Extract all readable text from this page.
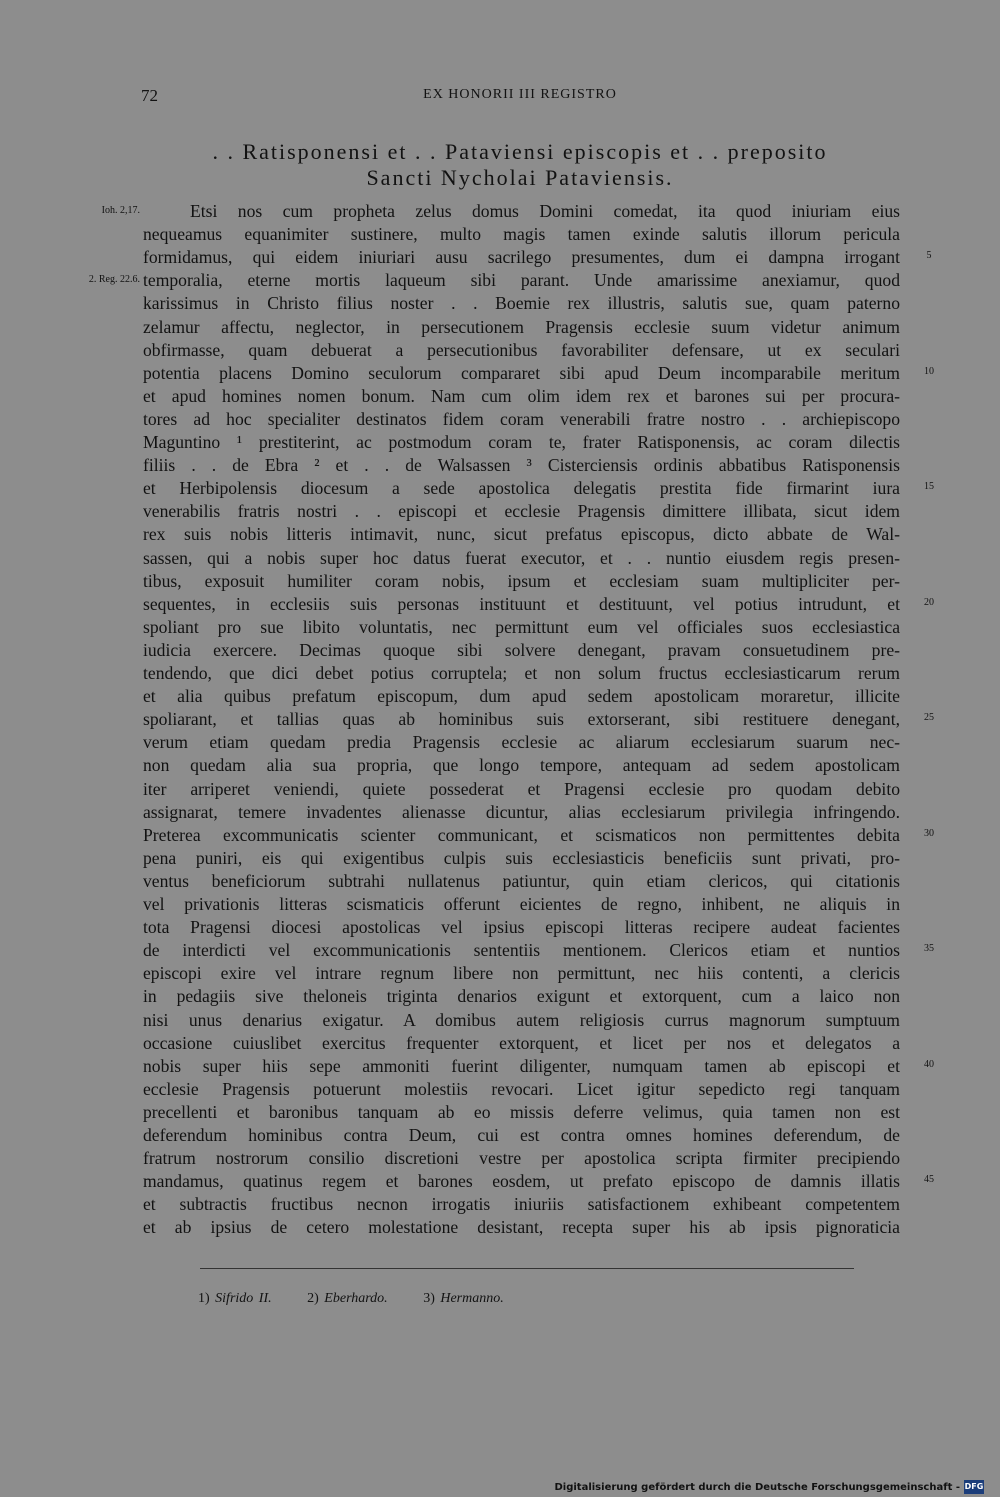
72	EX HONORII III REGISTRO
. . Ratisponensi et . . Pataviensi episcopis et . . preposito
Sancti Nycholai Pataviensis.
Ioh. 2,17.
2. Reg. 22.6.
Etsi nos cum propheta zelus domus Domini comedat, ita quod iniuriam eius
nequeamus equanimiter sustinere, multo magis tamen exinde salutis illorum pericula
formidamus, qui eidem iniuriari ausu sacrilego presumentes, dum ei dampna irrogant
temporalia, eterne mortis laqueum sibi parant. Unde amarissime anexiamur, quod
karissimus in Christo filius noster . . Boemie rex illustris, salutis sue, quam paterno
zelamur affectu, neglector, in persecutionem Pragensis ecclesie suum videtur animum
obfirmasse, quam debuerat a persecutionibus favorabiliter defensare, ut ex seculari
potentia placens Domino seculorum compararet sibi apud Deum incomparabile meritum
et apud homines nomen bonum. Nam cum olim idem rex et barones sui per procura-
tores ad hoc specialiter destinatos fidem coram venerabili fratre nostro . . archiepiscopo
Maguntino ¹ prestiterint, ac postmodum coram te, frater Ratisponensis, ac coram dilectis
filiis . . de Ebra ² et . . de Walsassen ³ Cisterciensis ordinis abbatibus Ratisponensis
et Herbipolensis diocesum a sede apostolica delegatis prestita fide firmarint iura
venerabilis fratris nostri . . episcopi et ecclesie Pragensis dimittere illibata, sicut idem
rex suis nobis litteris intimavit, nunc, sicut prefatus episcopus, dicto abbate de Wal-
sassen, qui a nobis super hoc datus fuerat executor, et . . nuntio eiusdem regis presen-
tibus, exposuit humiliter coram nobis, ipsum et ecclesiam suam multipliciter per-
sequentes, in ecclesiis suis personas instituunt et destituunt, vel potius intrudunt, et
spoliant pro sue libito voluntatis, nec permittunt eum vel officiales suos ecclesiastica
iudicia exercere. Decimas quoque sibi solvere denegant, pravam consuetudinem pre-
tendendo, que dici debet potius corruptela; et non solum fructus ecclesiasticarum rerum
et alia quibus prefatum episcopum, dum apud sedem apostolicam moraretur, illicite
spoliarant, et tallias quas ab hominibus suis extorserant, sibi restituere denegant,
verum etiam quedam predia Pragensis ecclesie ac aliarum ecclesiarum suarum nec-
non quedam alia sua propria, que longo tempore, antequam ad sedem apostolicam
iter arriperet veniendi, quiete possederat et Pragensi ecclesie pro quodam debito
assignarat, temere invadentes alienasse dicuntur, alias ecclesiarum privilegia infringendo.
Preterea excommunicatis scienter communicant, et scismaticos non permittentes debita
pena puniri, eis qui exigentibus culpis suis ecclesiasticis beneficiis sunt privati, pro-
ventus beneficiorum subtrahi nullatenus patiuntur, quin etiam clericos, qui citationis
vel privationis litteras scismaticis offerunt eicientes de regno, inhibent, ne aliquis in
tota Pragensi diocesi apostolicas vel ipsius episcopi litteras recipere audeat facientes
de interdicti vel excommunicationis sententiis mentionem. Clericos etiam et nuntios
episcopi exire vel intrare regnum libere non permittunt, nec hiis contenti, a clericis
in pedagiis sive theloneis triginta denarios exigunt et extorquent, cum a laico non
nisi unus denarius exigatur. A domibus autem religiosis currus magnorum sumptuum
occasione cuiuslibet exercitus frequenter extorquent, et licet per nos et delegatos a
nobis super hiis sepe ammoniti fuerint diligenter, numquam tamen ab episcopi et
ecclesie Pragensis potuerunt molestiis revocari. Licet igitur sepedicto regi tanquam
precellenti et baronibus tanquam ab eo missis deferre velimus, quia tamen non est
deferendum hominibus contra Deum, cui est contra omnes homines deferendum, de
fratrum nostrorum consilio discretioni vestre per apostolica scripta firmiter precipiendo
mandamus, quatinus regem et barones eosdem, ut prefato episcopo de damnis illatis
et subtractis fructibus necnon irrogatis iniuriis satisfactionem exhibeant competentem
et ab ipsius de cetero molestatione desistant, recepta super his ab ipsis pignoraticia
5
10
15
20
25
30
35
40
45
1) Sifrido II.	2) Eberhardo.	3) Hermanno.
Digitalisierung gefördert durch die Deutsche Forschungsgemeinschaft - DFG
